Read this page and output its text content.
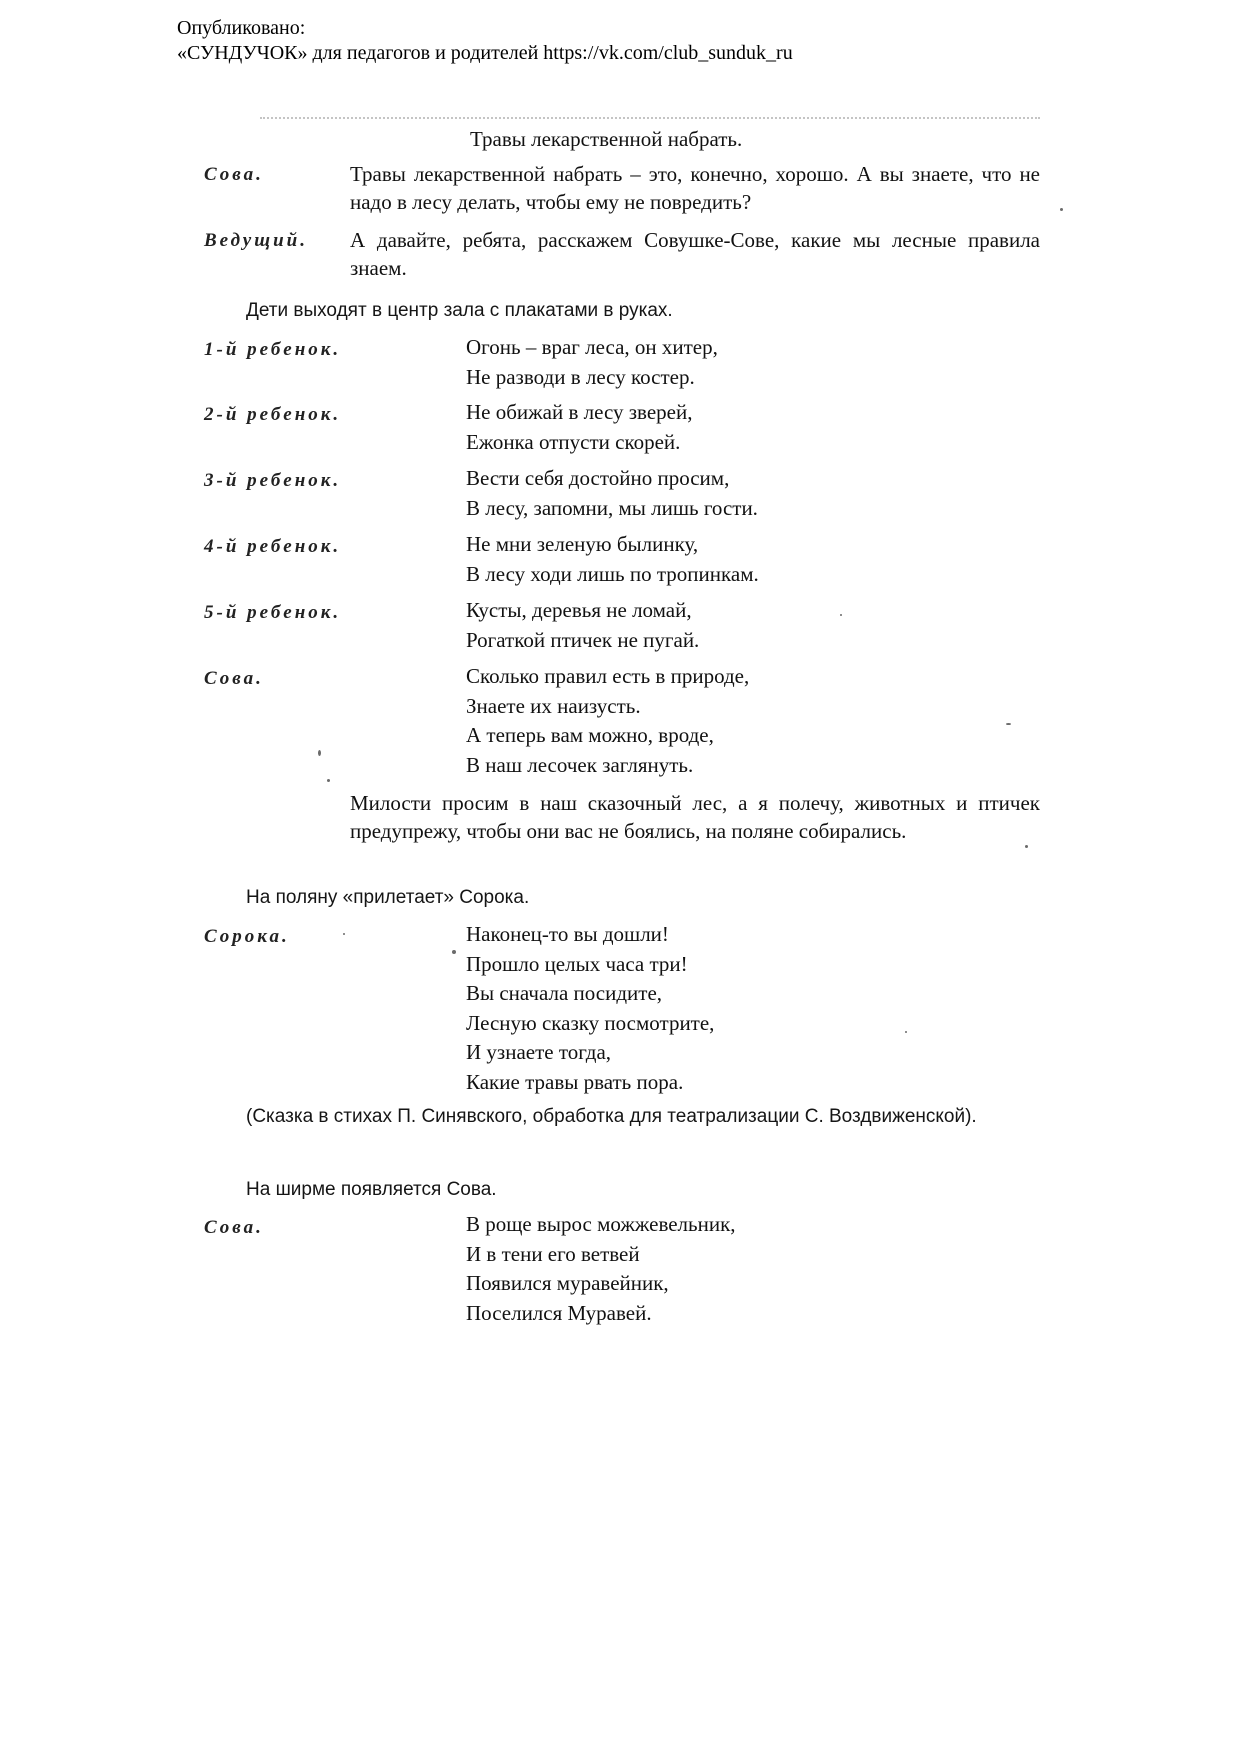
Опубликовано:
«СУНДУЧОК» для педагогов и родителей https://vk.com/club_sunduk_ru
Травы лекарственной набрать.
Сова.	Травы лекарственной набрать – это, конечно, хорошо. А вы знаете, что не надо в лесу делать, чтобы ему не повредить?
Ведущий.	А давайте, ребята, расскажем Совушке-Сове, какие мы лесные правила знаем.
Дети выходят в центр зала с плакатами в руках.
1-й ребенок.	Огонь – враг леса, он хитер,
Не разводи в лесу костер.
2-й ребенок.	Не обижай в лесу зверей,
Ежонка отпусти скорей.
3-й ребенок.	Вести себя достойно просим,
В лесу, запомни, мы лишь гости.
4-й ребенок.	Не мни зеленую былинку,
В лесу ходи лишь по тропинкам.
5-й ребенок.	Кусты, деревья не ломай,
Рогаткой птичек не пугай.
Сова.	Сколько правил есть в природе,
Знаете их наизусть.
А теперь вам можно, вроде,
В наш лесочек заглянуть.
Милости просим в наш сказочный лес, а я полечу, животных и птичек предупрежу, чтобы они вас не боялись, на поляне собирались.
На поляну «прилетает» Сорока.
Сорока.	Наконец-то вы дошли!
Прошло целых часа три!
Вы сначала посидите,
Лесную сказку посмотрите,
И узнаете тогда,
Какие травы рвать пора.
(Сказка в стихах П. Синявского, обработка для театрализации С. Воздвиженской).
На ширме появляется Сова.
Сова.	В роще вырос можжевельник,
И в тени его ветвей
Появился муравейник,
Поселился Муравей.
